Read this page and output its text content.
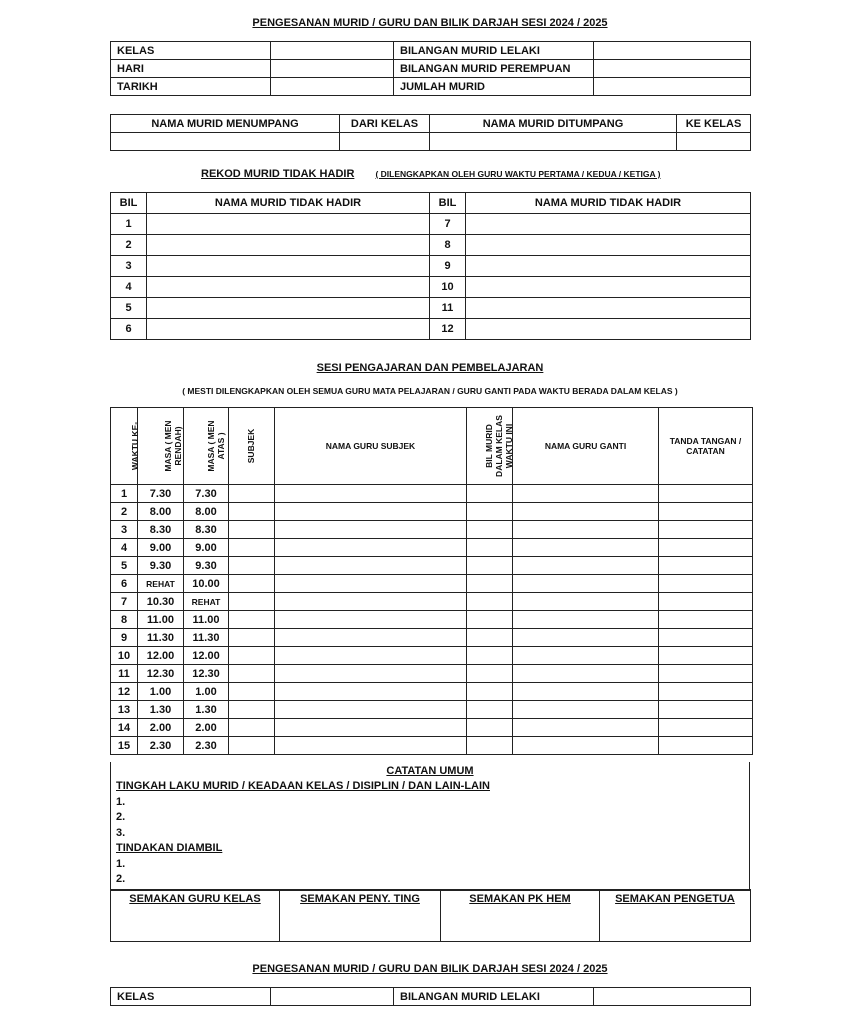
PENGESANAN MURID / GURU DAN BILIK DARJAH SESI 2024 / 2025
KELAS		BILANGAN MURID LELAKI	
HARI		BILANGAN MURID PEREMPUAN	
TARIKH		JUMLAH MURID	
NAMA MURID MENUMPANG	DARI KELAS	NAMA MURID DITUMPANG	KE KELAS

REKOD MURID TIDAK HADIR ( DILENGKAPKAN OLEH GURU WAKTU PERTAMA / KEDUA / KETIGA )
BIL	NAMA MURID TIDAK HADIR	BIL	NAMA MURID TIDAK HADIR
1		7	
2		8	
3		9	
4		10	
5		11	
6		12	
SESI PENGAJARAN DAN PEMBELAJARAN
( MESTI DILENGKAPKAN OLEH SEMUA GURU MATA PELAJARAN / GURU GANTI PADA WAKTU BERADA DALAM KELAS )
WAKTU KE-	MASA ( MEN RENDAH)	MASA ( MEN ATAS )	SUBJEK	NAMA GURU SUBJEK	BIL MURID DALAM KELAS WAKTU INI	NAMA GURU GANTI	TANDA TANGAN / CATATAN
1	7.30	7.30					
2	8.00	8.00					
3	8.30	8.30					
4	9.00	9.00					
5	9.30	9.30					
6	REHAT	10.00					
7	10.30	REHAT					
8	11.00	11.00					
9	11.30	11.30					
10	12.00	12.00					
11	12.30	12.30					
12	1.00	1.00					
13	1.30	1.30					
14	2.00	2.00					
15	2.30	2.30					
CATATAN UMUM
TINGKAH LAKU MURID / KEADAAN KELAS / DISIPLIN / DAN LAIN-LAIN
1.
2.
3.
TINDAKAN DIAMBIL
1.
2.
SEMAKAN GURU KELAS	SEMAKAN PENY. TING	SEMAKAN PK HEM	SEMAKAN PENGETUA
PENGESANAN MURID / GURU DAN BILIK DARJAH SESI 2024 / 2025
KELAS		BILANGAN MURID LELAKI	
